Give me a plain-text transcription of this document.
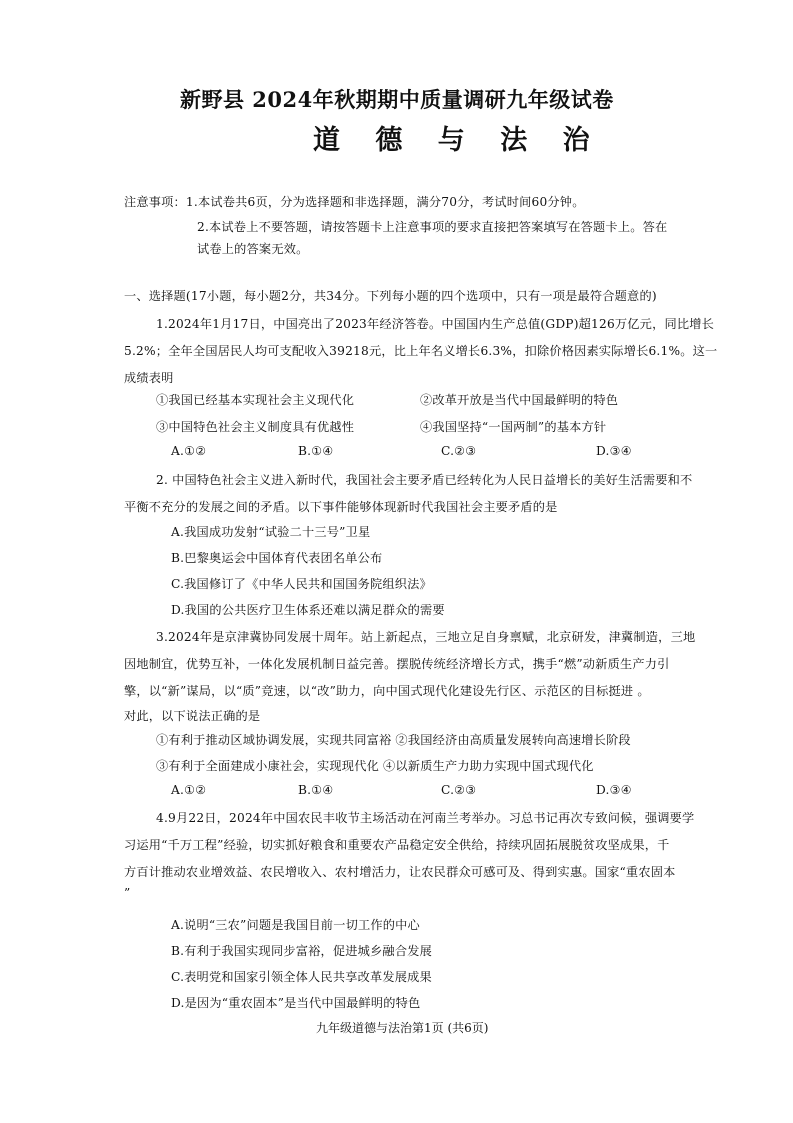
新野县 2024年秋期期中质量调研九年级试卷
道 德 与 法 治
注意事项：1.本试卷共6页，分为选择题和非选择题，满分70分，考试时间60分钟。
2.本试卷上不要答题，请按答题卡上注意事项的要求直接把答案填写在答题卡上。答在
试卷上的答案无效。
一、选择题(17小题，每小题2分，共34分。下列每小题的四个选项中，只有一项是最符合题意的)
1.2024年1月17日，中国亮出了2023年经济答卷。中国国内生产总值(GDP)超126万亿元，同比增长
5.2%；全年全国居民人均可支配收入39218元，比上年名义增长6.3%，扣除价格因素实际增长6.1%。这一
成绩表明
①我国已经基本实现社会主义现代化	②改革开放是当代中国最鲜明的特色
③中国特色社会主义制度具有优越性	④我国坚持“一国两制”的基本方针
A.①②	B.①④	C.②③	D.③④
2. 中国特色社会主义进入新时代，我国社会主要矛盾已经转化为人民日益增长的美好生活需要和不
平衡不充分的发展之间的矛盾。以下事件能够体现新时代我国社会主要矛盾的是
A.我国成功发射“试验二十三号”卫星
B.巴黎奥运会中国体育代表团名单公布
C.我国修订了《中华人民共和国国务院组织法》
D.我国的公共医疗卫生体系还难以满足群众的需要
3.2024年是京津冀协同发展十周年。站上新起点，三地立足自身禀赋，北京研发，津冀制造，三地
因地制宜，优势互补，一体化发展机制日益完善。摆脱传统经济增长方式，携手“燃”动新质生产力引
擎，以“新”谋局，以“质”竞速，以“改”助力，向中国式现代化建设先行区、示范区的目标挺进 。
对此，以下说法正确的是
①有利于推动区域协调发展，实现共同富裕 ②我国经济由高质量发展转向高速增长阶段
③有利于全面建成小康社会，实现现代化 ④以新质生产力助力实现中国式现代化
A.①②	B.①④	C.②③	D.③④
4.9月22日，2024年中国农民丰收节主场活动在河南兰考举办。习总书记再次专致问候，强调要学
习运用“千万工程”经验，切实抓好粮食和重要农产品稳定安全供给，持续巩固拓展脱贫攻坚成果，千
方百计推动农业增效益、农民增收入、农村增活力，让农民群众可感可及、得到实惠。国家“重农固本
”
A.说明“三农”问题是我国目前一切工作的中心
B.有利于我国实现同步富裕，促进城乡融合发展
C.表明党和国家引领全体人民共享改革发展成果
D.是因为“重农固本”是当代中国最鲜明的特色
九年级道德与法治第1页 (共6页)
